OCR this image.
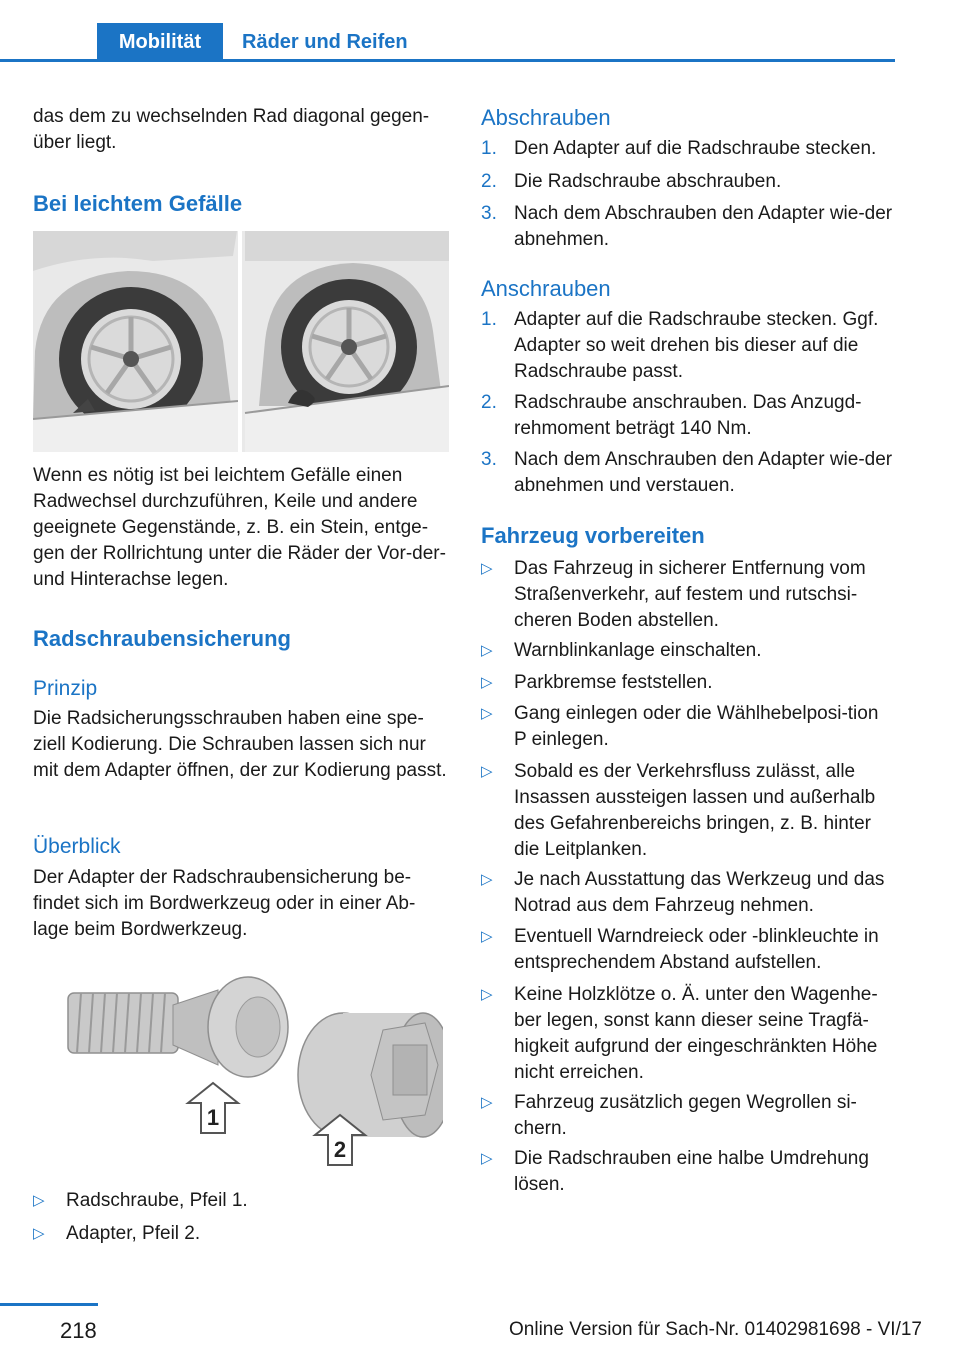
Mobilität	Räder und Reifen

das dem zu wechselnden Rad diagonal gegen-über liegt.

Bei leichtem Gefälle

Wenn es nötig ist bei leichtem Gefälle einen Radwechsel durchzuführen, Keile und andere geeignete Gegenstände, z. B. ein Stein, entge-gen der Rollrichtung unter die Räder der Vor-der- und Hinterachse legen.

Radschraubensicherung
Prinzip

Die Radsicherungsschrauben haben eine spe-ziell Kodierung. Die Schrauben lassen sich nur mit dem Adapter öffnen, der zur Kodierung passt.

Überblick

Der Adapter der Radschraubensicherung be-findet sich im Bordwerkzeug oder in einer Ab-lage beim Bordwerkzeug.

1
2
▷	Radschraube, Pfeil 1.
▷	Adapter, Pfeil 2.
Abschrauben
1. Den Adapter auf die Radschraube stecken.
2. Die Radschraube abschrauben.
3. Nach dem Abschrauben den Adapter wie-der abnehmen.
Anschrauben
1. Adapter auf die Radschraube stecken. Ggf. Adapter so weit drehen bis dieser auf die Radschraube passt.
2. Radschraube anschrauben. Das Anzugd-rehmoment beträgt 140 Nm.
3. Nach dem Anschrauben den Adapter wie-der abnehmen und verstauen.
Fahrzeug vorbereiten
▷	Das Fahrzeug in sicherer Entfernung vom Straßenverkehr, auf festem und rutschsi-cheren Boden abstellen.
▷	Warnblinkanlage einschalten.
▷	Parkbremse feststellen.
▷	Gang einlegen oder die Wählhebelposi-tion P einlegen.
▷	Sobald es der Verkehrsfluss zulässt, alle Insassen aussteigen lassen und außerhalb des Gefahrenbereichs bringen, z. B. hinter die Leitplanken.
▷	Je nach Ausstattung das Werkzeug und das Notrad aus dem Fahrzeug nehmen.
▷	Eventuell Warndreieck oder -blinkleuchte in entsprechendem Abstand aufstellen.
▷	Keine Holzklötze o. Ä. unter den Wagenhe-ber legen, sonst kann dieser seine Tragfä-higkeit aufgrund der eingeschränkten Höhe nicht erreichen.
▷	Fahrzeug zusätzlich gegen Wegrollen si-chern.
▷	Die Radschrauben eine halbe Umdrehung lösen.
218	Online Version für Sach-Nr. 01402981698 - VI/17
